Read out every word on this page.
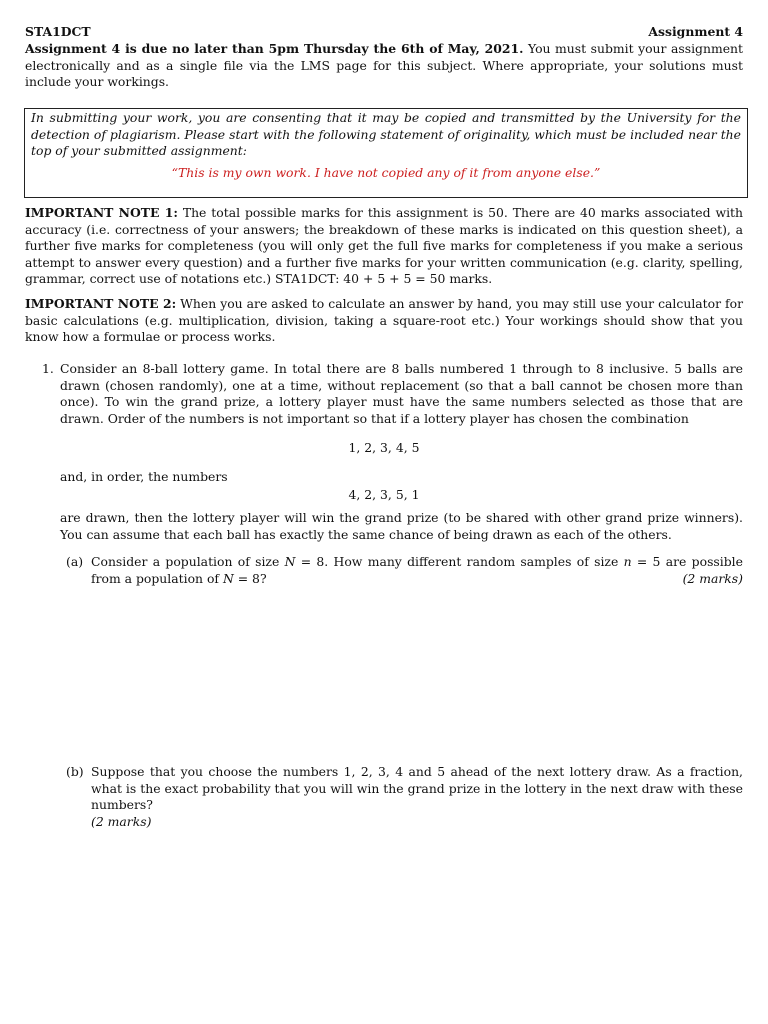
STA1DCT	Assignment 4
Assignment 4 is due no later than 5pm Thursday the 6th of May, 2021. You must submit your assignment electronically and as a single file via the LMS page for this subject. Where appropriate, your solutions must include your workings.
In submitting your work, you are consenting that it may be copied and transmitted by the University for the detection of plagiarism. Please start with the following statement of originality, which must be included near the top of your submitted assignment:
“This is my own work. I have not copied any of it from anyone else.”
IMPORTANT NOTE 1: The total possible marks for this assignment is 50. There are 40 marks associated with accuracy (i.e. correctness of your answers; the breakdown of these marks is indicated on this question sheet), a further five marks for completeness (you will only get the full five marks for completeness if you make a serious attempt to answer every question) and a further five marks for your written communication (e.g. clarity, spelling, grammar, correct use of notations etc.) STA1DCT: 40 + 5 + 5 = 50 marks.
IMPORTANT NOTE 2: When you are asked to calculate an answer by hand, you may still use your calculator for basic calculations (e.g. multiplication, division, taking a square-root etc.) Your workings should show that you know how a formulae or process works.
1. Consider an 8-ball lottery game. In total there are 8 balls numbered 1 through to 8 inclusive. 5 balls are drawn (chosen randomly), one at a time, without replacement (so that a ball cannot be chosen more than once). To win the grand prize, a lottery player must have the same numbers selected as those that are drawn. Order of the numbers is not important so that if a lottery player has chosen the combination
1, 2, 3, 4, 5
and, in order, the numbers
4, 2, 3, 5, 1
are drawn, then the lottery player will win the grand prize (to be shared with other grand prize winners). You can assume that each ball has exactly the same chance of being drawn as each of the others.
(a) Consider a population of size N = 8. How many different random samples of size n = 5 are possible from a population of N = 8?	(2 marks)
(b) Suppose that you choose the numbers 1, 2, 3, 4 and 5 ahead of the next lottery draw. As a fraction, what is the exact probability that you will win the grand prize in the lottery in the next draw with these numbers?
(2 marks)
